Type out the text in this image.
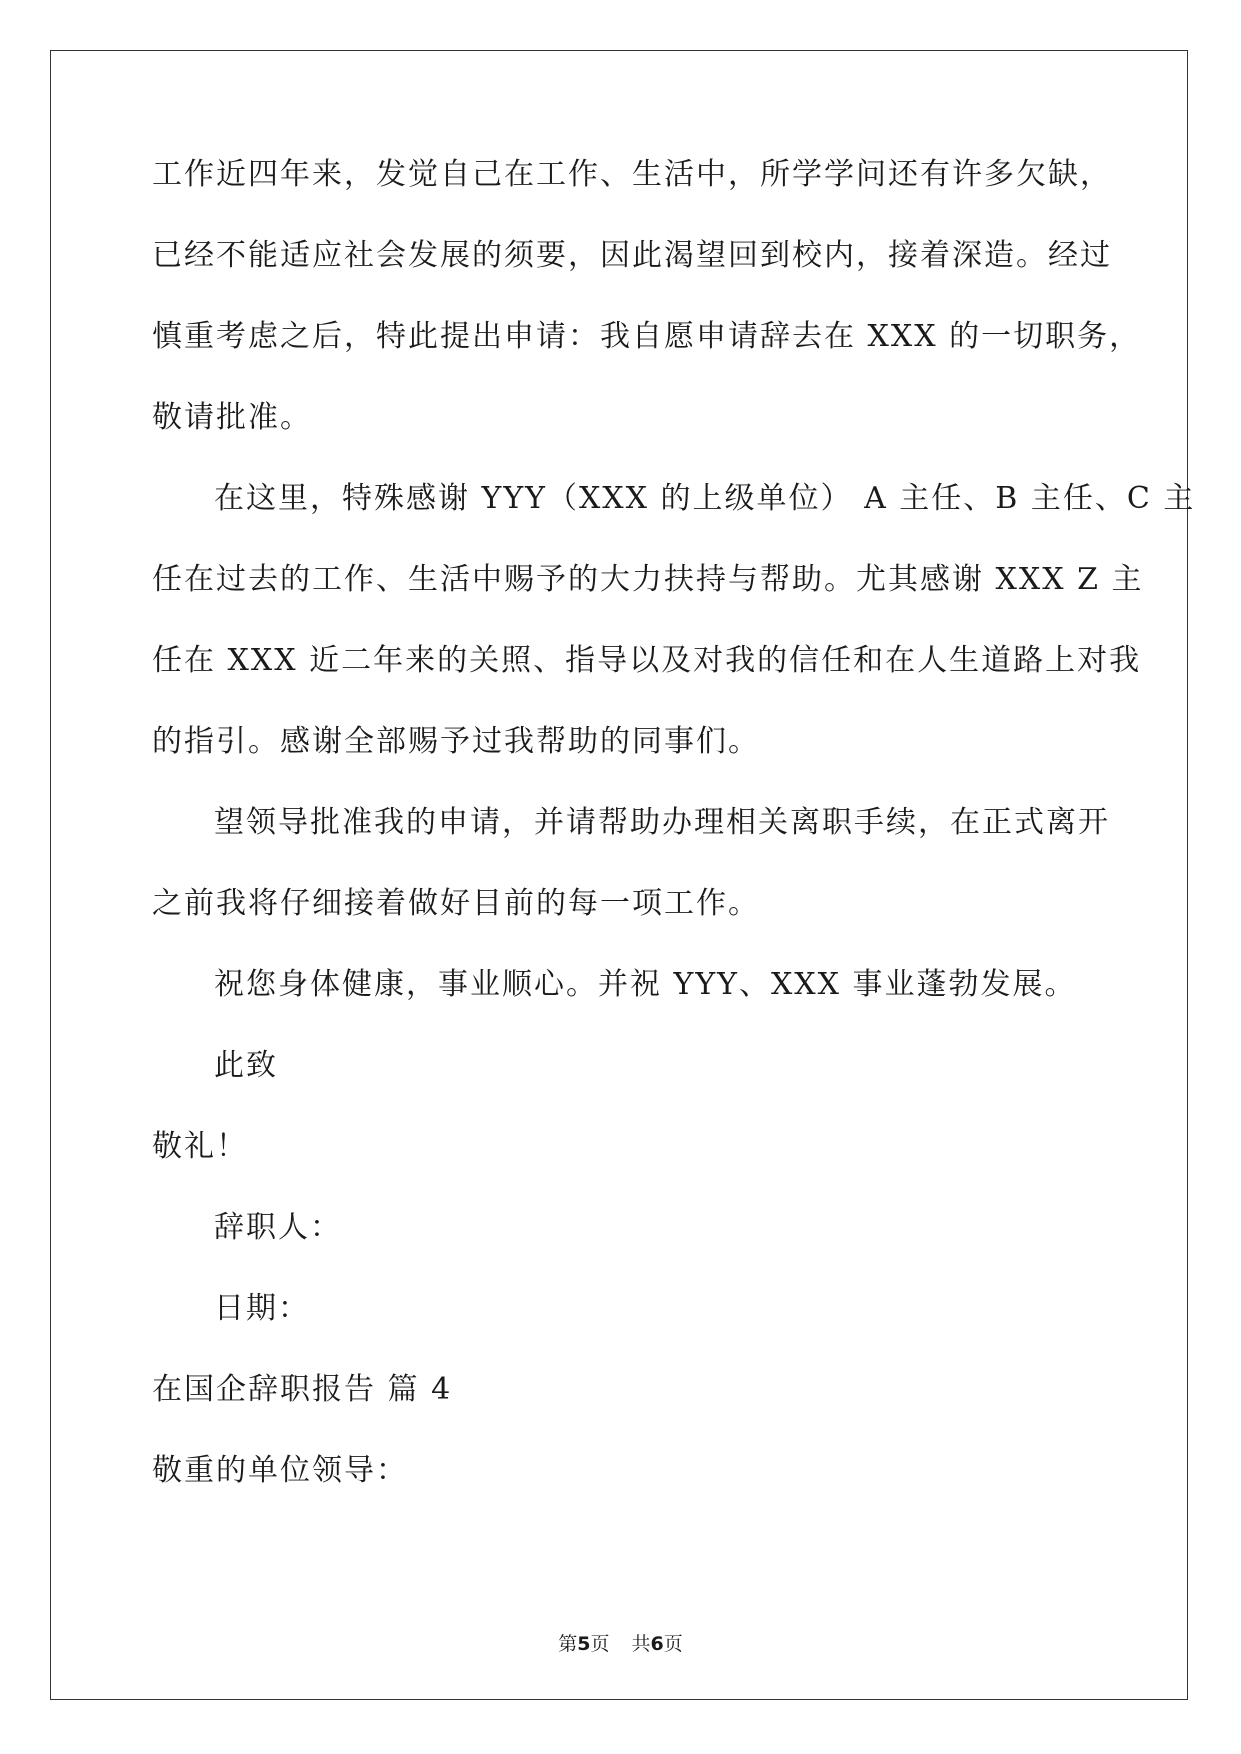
工作近四年来，发觉自己在工作、生活中，所学学问还有许多欠缺，
已经不能适应社会发展的须要，因此渴望回到校内，接着深造。经过
慎重考虑之后，特此提出申请：我自愿申请辞去在 XXX 的一切职务，
敬请批准。
在这里，特殊感谢 YYY（XXX 的上级单位） A 主任、B 主任、C 主
任在过去的工作、生活中赐予的大力扶持与帮助。尤其感谢 XXX Z 主
任在 XXX 近二年来的关照、指导以及对我的信任和在人生道路上对我
的指引。感谢全部赐予过我帮助的同事们。
望领导批准我的申请，并请帮助办理相关离职手续，在正式离开
之前我将仔细接着做好目前的每一项工作。
祝您身体健康，事业顺心。并祝 YYY、XXX 事业蓬勃发展。
此致
敬礼！
辞职人：
日期：
在国企辞职报告 篇 4
敬重的单位领导：
第5页 共6页
